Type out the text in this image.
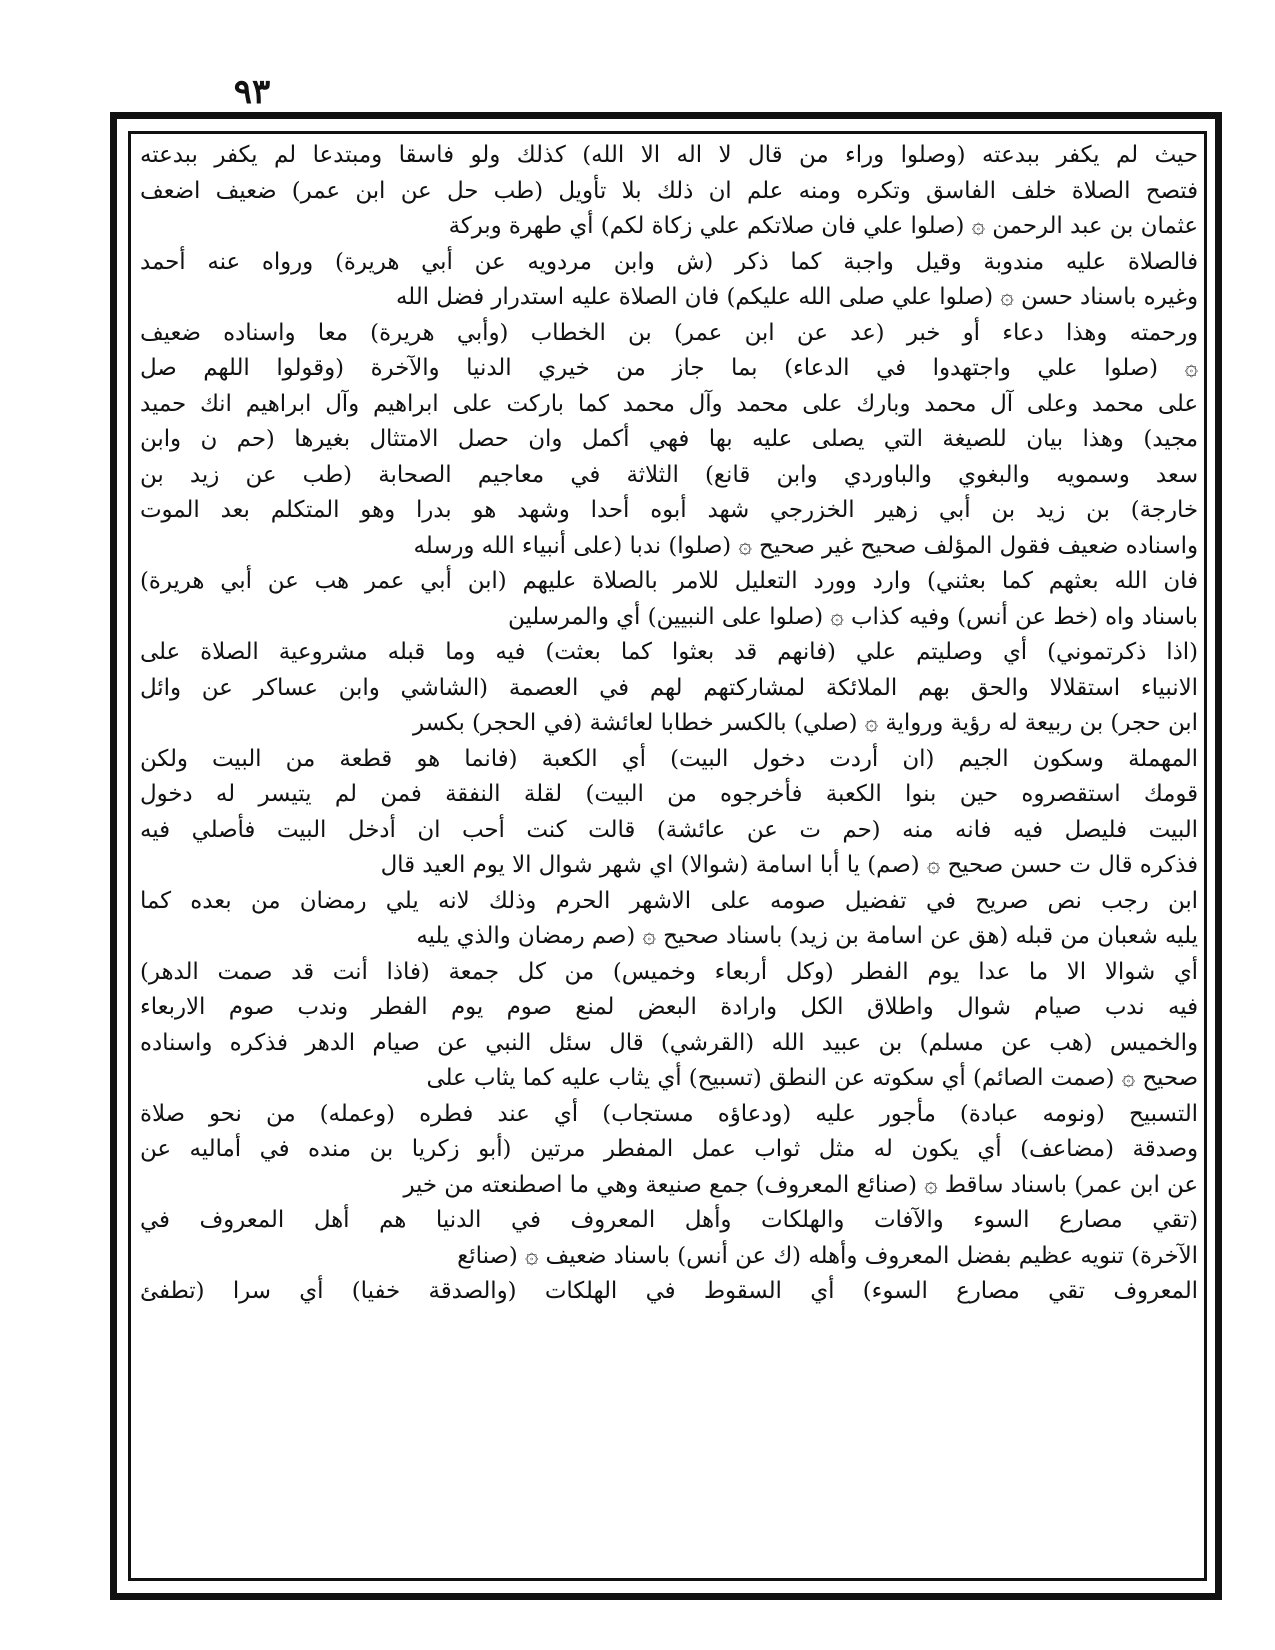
٩٣
حيث لم يكفر ببدعته (وصلوا وراء من قال لا اله الا الله) كذلك ولو فاسقا ومبتدعا لم يكفر ببدعته
فتصح الصلاة خلف الفاسق وتكره ومنه علم ان ذلك بلا تأويل (طب حل عن ابن عمر) ضعيف اضعف
عثمان بن عبد الرحمن ۞ (صلوا علي فان صلاتكم علي زكاة لكم) أي طهرة وبركة
فالصلاة عليه مندوبة وقيل واجبة كما ذكر (ش وابن مردويه عن أبي هريرة) ورواه عنه أحمد
وغيره باسناد حسن ۞ (صلوا علي صلى الله عليكم) فان الصلاة عليه استدرار فضل الله
ورحمته وهذا دعاء أو خبر (عد عن ابن عمر) بن الخطاب (وأبي هريرة) معا واسناده ضعيف
۞ (صلوا علي واجتهدوا في الدعاء) بما جاز من خيري الدنيا والآخرة (وقولوا اللهم صل
على محمد وعلى آل محمد وبارك على محمد وآل محمد كما باركت على ابراهيم وآل ابراهيم انك حميد
مجيد) وهذا بيان للصيغة التي يصلى عليه بها فهي أكمل وان حصل الامتثال بغيرها (حم ن وابن
سعد وسمويه والبغوي والباوردي وابن قانع) الثلاثة في معاجيم الصحابة (طب عن زيد بن
خارجة) بن زيد بن أبي زهير الخزرجي شهد أبوه أحدا وشهد هو بدرا وهو المتكلم بعد الموت
واسناده ضعيف فقول المؤلف صحيح غير صحيح ۞ (صلوا) ندبا (على أنبياء الله ورسله
فان الله بعثهم كما بعثني) وارد وورد التعليل للامر بالصلاة عليهم (ابن أبي عمر هب عن أبي هريرة)
باسناد واه (خط عن أنس) وفيه كذاب ۞ (صلوا على النبيين) أي والمرسلين
(اذا ذكرتموني) أي وصليتم علي (فانهم قد بعثوا كما بعثت) فيه وما قبله مشروعية الصلاة على
الانبياء استقلالا والحق بهم الملائكة لمشاركتهم لهم في العصمة (الشاشي وابن عساكر عن وائل
ابن حجر) بن ربيعة له رؤية ورواية ۞ (صلي) بالكسر خطابا لعائشة (في الحجر) بكسر
المهملة وسكون الجيم (ان أردت دخول البيت) أي الكعبة (فانما هو قطعة من البيت ولكن
قومك استقصروه حين بنوا الكعبة فأخرجوه من البيت) لقلة النفقة فمن لم يتيسر له دخول
البيت فليصل فيه فانه منه (حم ت عن عائشة) قالت كنت أحب ان أدخل البيت فأصلي فيه
فذكره قال ت حسن صحيح ۞ (صم) يا أبا اسامة (شوالا) اي شهر شوال الا يوم العيد قال
ابن رجب نص صريح في تفضيل صومه على الاشهر الحرم وذلك لانه يلي رمضان من بعده كما
يليه شعبان من قبله (هق عن اسامة بن زيد) باسناد صحيح ۞ (صم رمضان والذي يليه
أي شوالا الا ما عدا يوم الفطر (وكل أربعاء وخميس) من كل جمعة (فاذا أنت قد صمت الدهر)
فيه ندب صيام شوال واطلاق الكل وارادة البعض لمنع صوم يوم الفطر وندب صوم الاربعاء
والخميس (هب عن مسلم) بن عبيد الله (القرشي) قال سئل النبي عن صيام الدهر فذكره واسناده
صحيح ۞ (صمت الصائم) أي سكوته عن النطق (تسبيح) أي يثاب عليه كما يثاب على
التسبيح (ونومه عبادة) مأجور عليه (ودعاؤه مستجاب) أي عند فطره (وعمله) من نحو صلاة
وصدقة (مضاعف) أي يكون له مثل ثواب عمل المفطر مرتين (أبو زكريا بن منده في أماليه عن
عن ابن عمر) باسناد ساقط ۞ (صنائع المعروف) جمع صنيعة وهي ما اصطنعته من خير
(تقي مصارع السوء والآفات والهلكات وأهل المعروف في الدنيا هم أهل المعروف في
الآخرة) تنويه عظيم بفضل المعروف وأهله (ك عن أنس) باسناد ضعيف ۞ (صنائع
المعروف تقي مصارع السوء) أي السقوط في الهلكات (والصدقة خفيا) أي سرا (تطفئ
